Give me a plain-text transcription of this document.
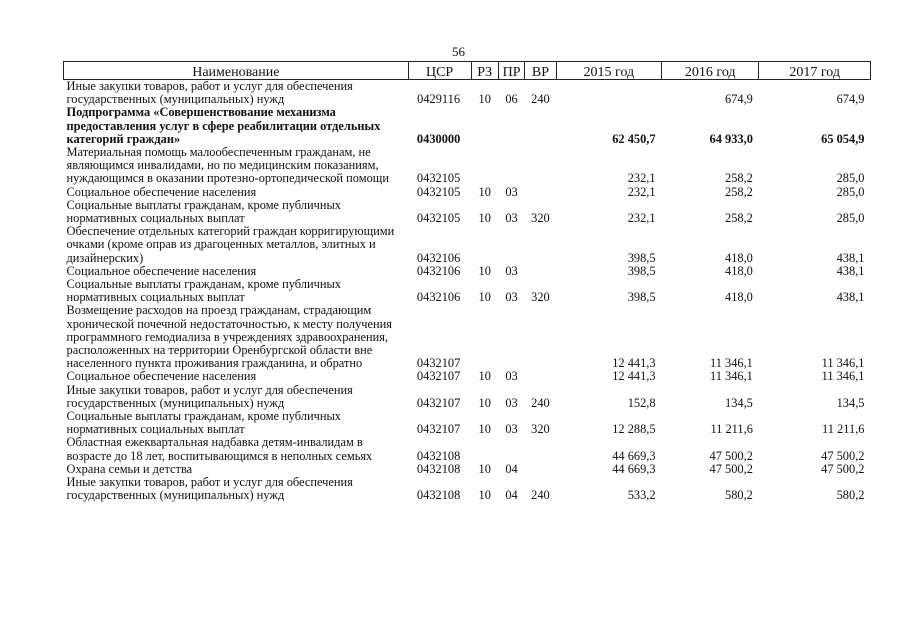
56
Наименование	ЦСР	РЗ	ПР	ВР	2015 год	2016 год	2017 год
Иные закупки товаров, работ и услуг для обеспечения государственных (муниципальных) нужд	0429116	10	06	240		674,9	674,9
Подпрограмма «Совершенствование механизма предоставления услуг в сфере реабилитации отдельных категорий граждан»	0430000				62 450,7	64 933,0	65 054,9
Материальная помощь малообеспеченным гражданам, не являющимся инвалидами, но по медицинским показаниям, нуждающимся в оказании протезно-ортопедической помощи	0432105				232,1	258,2	285,0
Социальное обеспечение населения	0432105	10	03		232,1	258,2	285,0
Социальные выплаты гражданам, кроме публичных нормативных социальных выплат	0432105	10	03	320	232,1	258,2	285,0
Обеспечение отдельных категорий граждан корригирующими очками (кроме оправ из драгоценных металлов, элитных и дизайнерских)	0432106				398,5	418,0	438,1
Социальное обеспечение населения	0432106	10	03		398,5	418,0	438,1
Социальные выплаты гражданам, кроме публичных нормативных социальных выплат	0432106	10	03	320	398,5	418,0	438,1
Возмещение расходов на проезд гражданам, страдающим хронической почечной недостаточностью, к месту получения программного гемодиализа в учреждениях здравоохранения, расположенных на территории Оренбургской области вне населенного пункта проживания гражданина, и обратно	0432107				12 441,3	11 346,1	11 346,1
Социальное обеспечение населения	0432107	10	03		12 441,3	11 346,1	11 346,1
Иные закупки товаров, работ и услуг для обеспечения государственных (муниципальных) нужд	0432107	10	03	240	152,8	134,5	134,5
Социальные выплаты гражданам, кроме публичных нормативных социальных выплат	0432107	10	03	320	12 288,5	11 211,6	11 211,6
Областная ежеквартальная надбавка детям-инвалидам в возрасте до 18 лет, воспитывающимся в неполных семьях	0432108				44 669,3	47 500,2	47 500,2
Охрана семьи и детства	0432108	10	04		44 669,3	47 500,2	47 500,2
Иные закупки товаров, работ и услуг для обеспечения государственных (муниципальных) нужд	0432108	10	04	240	533,2	580,2	580,2
